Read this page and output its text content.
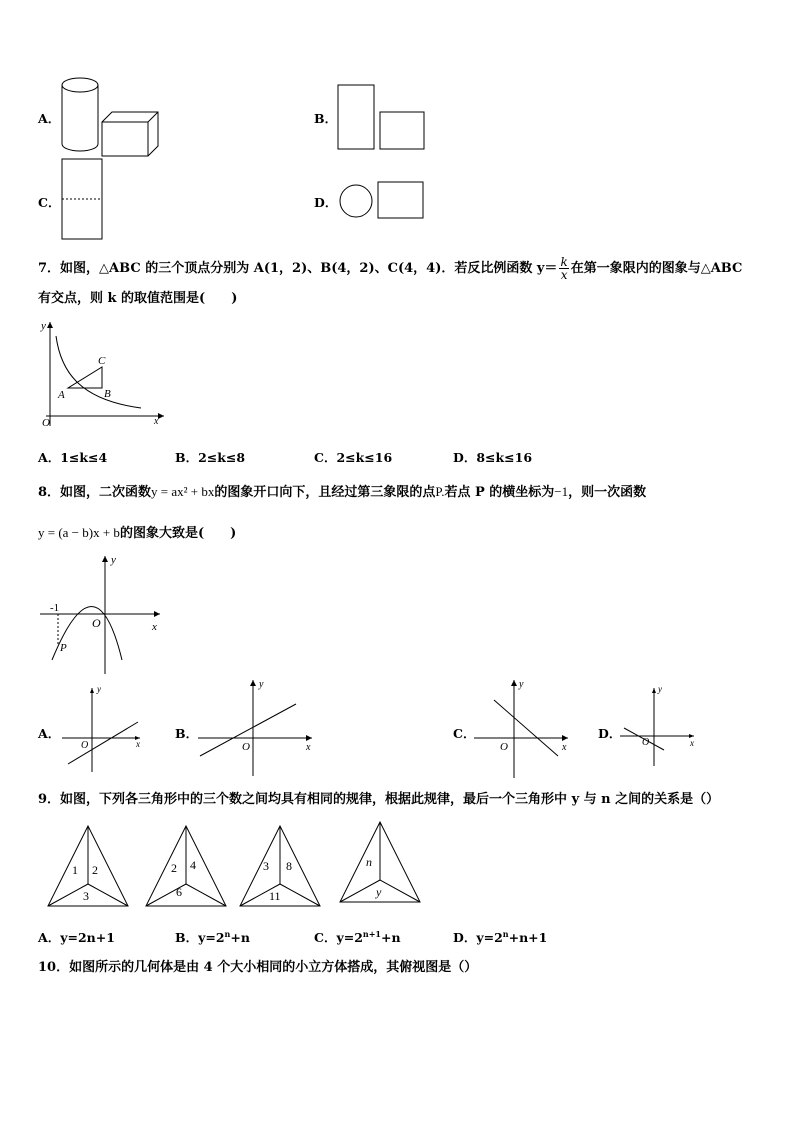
A．	B．
C．	D．
7．如图，△ABC 的三个顶点分别为 A(1，2)、B(4，2)、C(4，4)．若反比例函数 $y= \frac{k}{x}$ 在第一象限内的图象与△ABC
有交点，则 k 的取值范围是(　　)
y
x
O
A	B
C
A．1≤k≤4	B．2≤k≤8	C．2≤k≤16	D．8≤k≤16
8．如图，二次函数y = ax² + bx的图象开口向下，且经过第三象限的点P.若点 P 的横坐标为−1，则一次函数
y = (a − b)x + b的图象大致是(　　)
y
x
O
-1
P
A．
y
x
O
B．
y
x
O
C．
y
x
O
D．
y
x
O
9．如图，下列各三角形中的三个数之间均具有相同的规律，根据此规律，最后一个三角形中 y 与 n 之间的关系是（）
1 2
3
2 4
6
3 8
11
n
y
A．y=2n+1	B．$y=2^n+n$	C．$y=2^{n+1}+n$	D．$y=2^n+n+1$
10．如图所示的几何体是由 4 个大小相同的小立方体搭成，其俯视图是（）
